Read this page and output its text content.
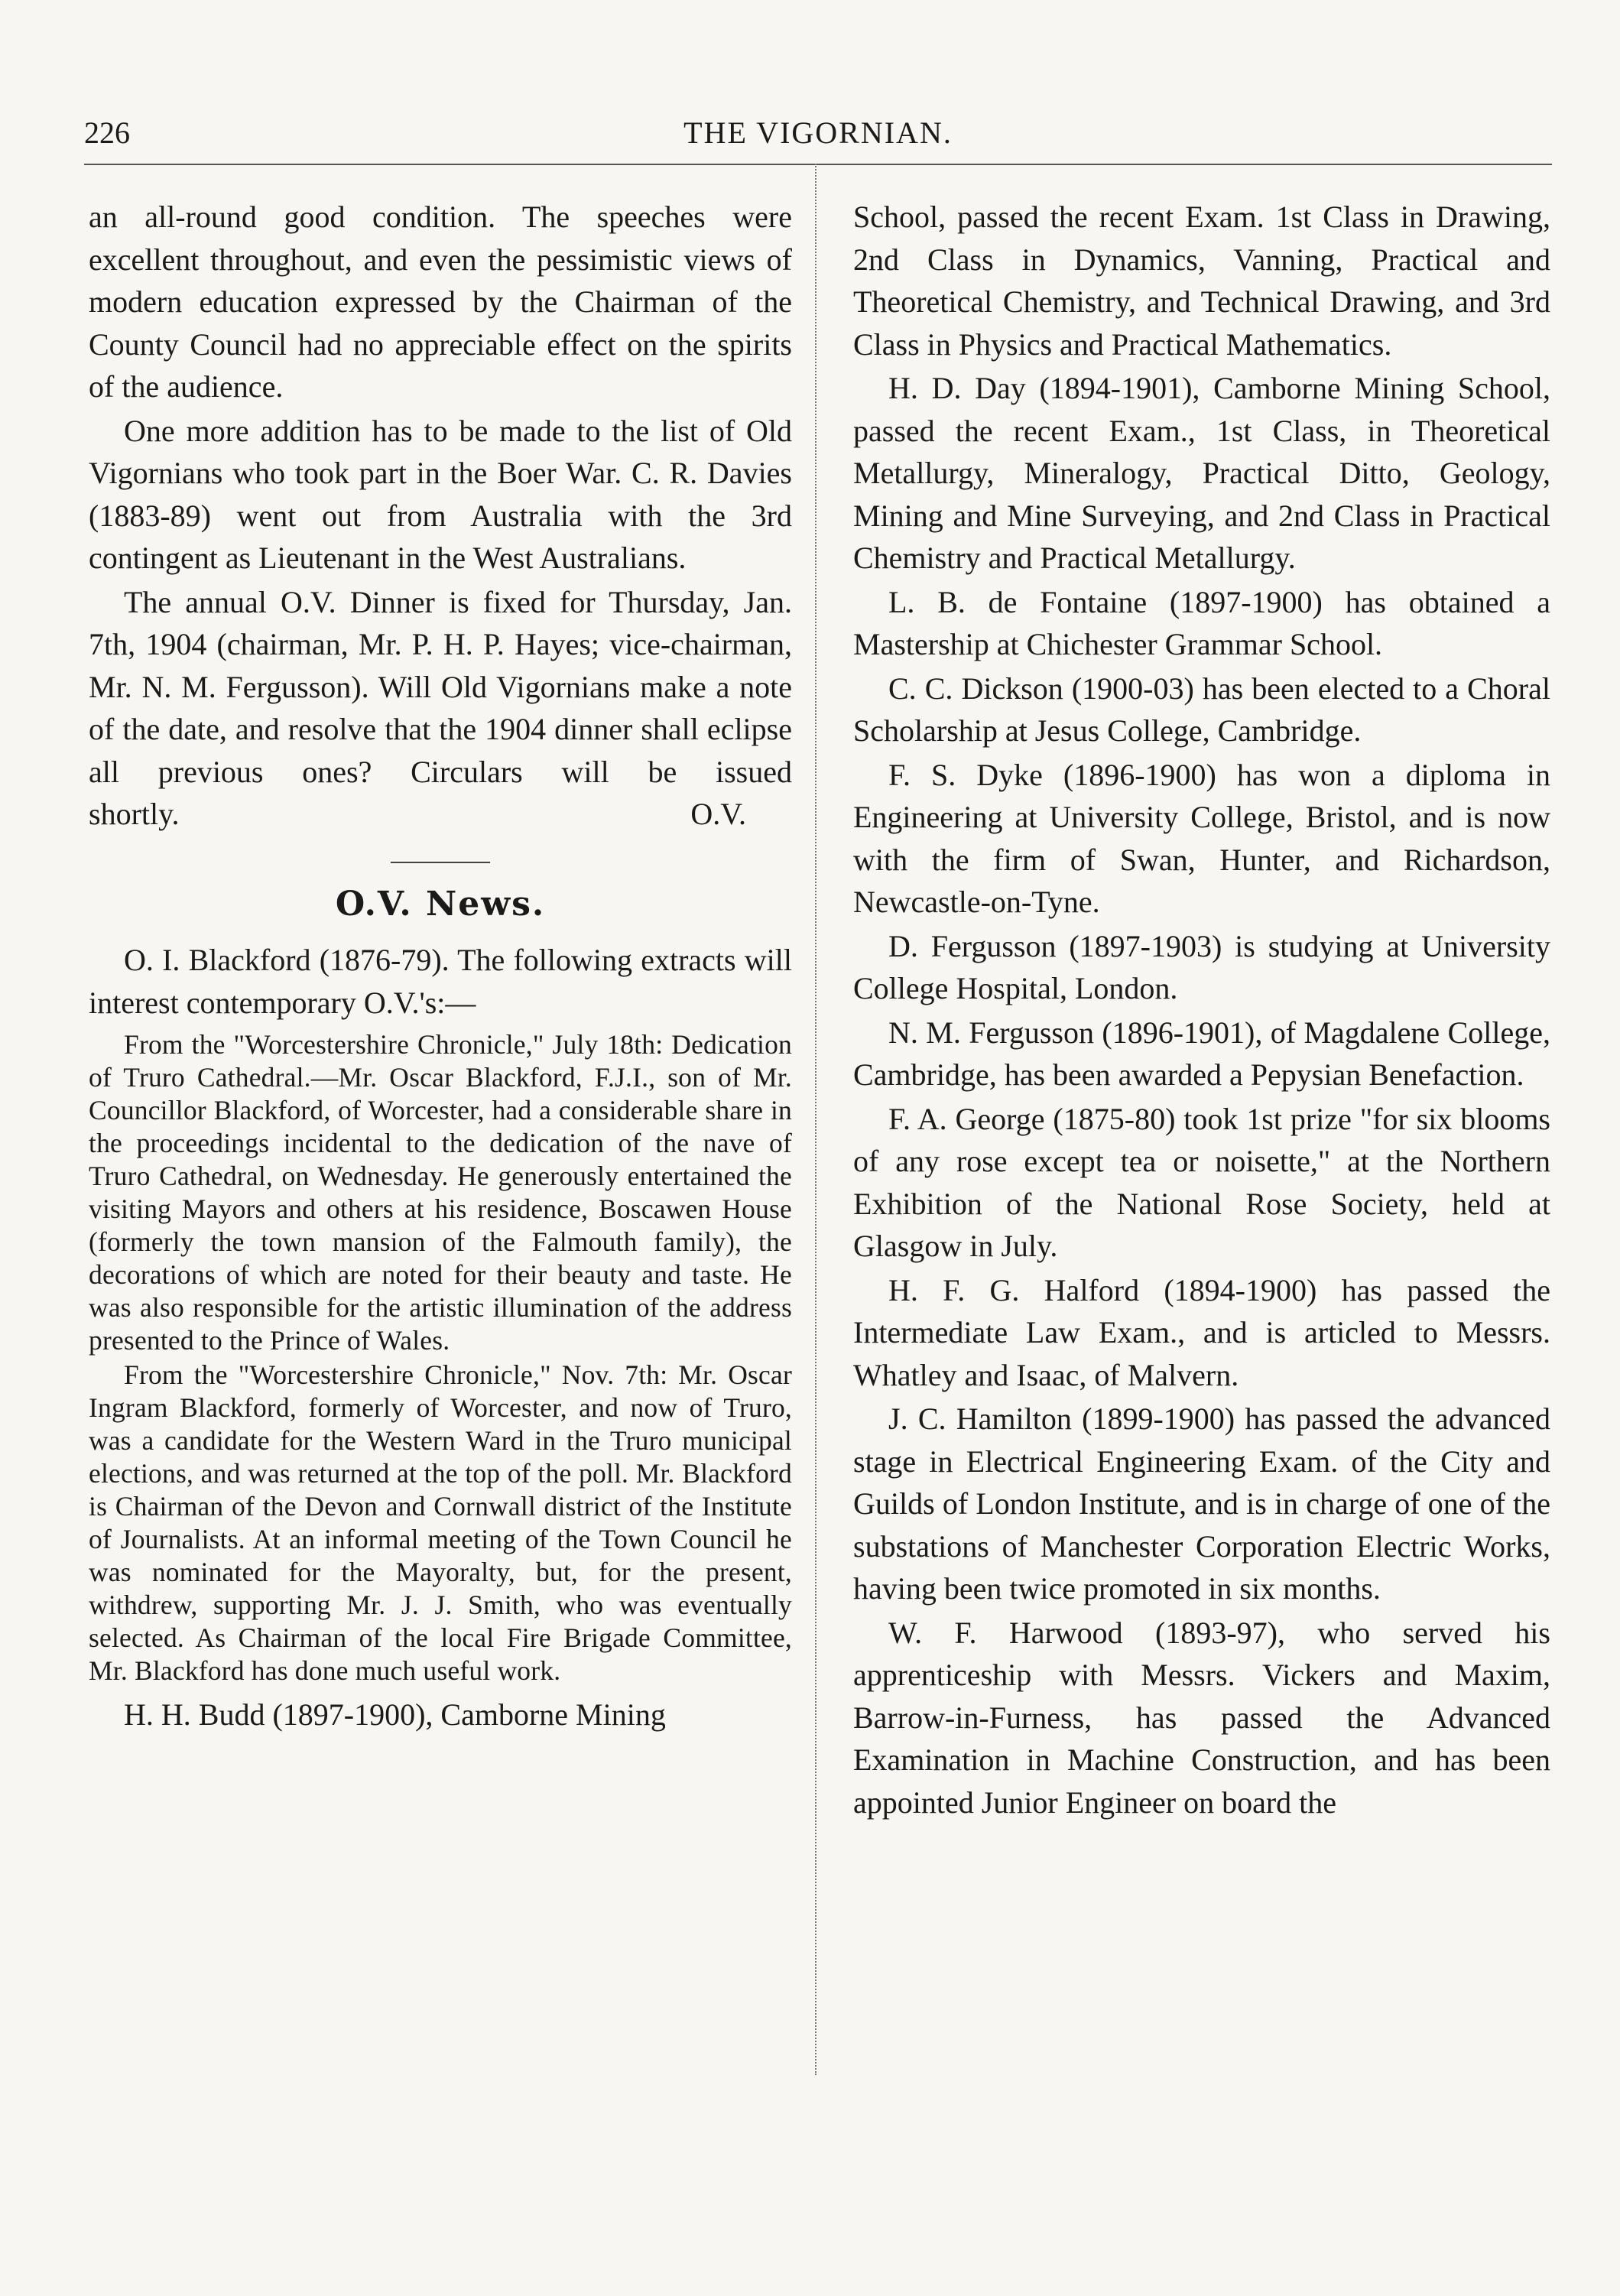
226	THE VIGORNIAN.

an all-round good condition. The speeches were excellent throughout, and even the pessimistic views of modern education expressed by the Chairman of the County Council had no appreciable effect on the spirits of the audience.

One more addition has to be made to the list of Old Vigornians who took part in the Boer War. C. R. Davies (1883-89) went out from Australia with the 3rd contingent as Lieutenant in the West Australians.

The annual O.V. Dinner is fixed for Thursday, Jan. 7th, 1904 (chairman, Mr. P. H. P. Hayes; vice-chairman, Mr. N. M. Fergusson). Will Old Vigornians make a note of the date, and resolve that the 1904 dinner shall eclipse all previous ones? Circulars will be issued

shortly.	O.V.
O.V. News.

O. I. Blackford (1876-79). The following extracts will interest contemporary O.V.'s:—

From the "Worcestershire Chronicle," July 18th: Dedication of Truro Cathedral.—Mr. Oscar Blackford, F.J.I., son of Mr. Councillor Blackford, of Worcester, had a considerable share in the proceedings incidental to the dedication of the nave of Truro Cathedral, on Wednesday. He generously entertained the visiting Mayors and others at his residence, Boscawen House (formerly the town mansion of the Falmouth family), the decorations of which are noted for their beauty and taste. He was also responsible for the artistic illumination of the address presented to the Prince of Wales.

From the "Worcestershire Chronicle," Nov. 7th: Mr. Oscar Ingram Blackford, formerly of Worcester, and now of Truro, was a candidate for the Western Ward in the Truro municipal elections, and was returned at the top of the poll. Mr. Blackford is Chairman of the Devon and Cornwall district of the Institute of Journalists. At an informal meeting of the Town Council he was nominated for the Mayoralty, but, for the present, withdrew, supporting Mr. J. J. Smith, who was eventually selected. As Chairman of the local Fire Brigade Committee, Mr. Blackford has done much useful work.

H. H. Budd (1897-1900), Camborne Mining

School, passed the recent Exam. 1st Class in Drawing, 2nd Class in Dynamics, Vanning, Practical and Theoretical Chemistry, and Technical Drawing, and 3rd Class in Physics and Practical Mathematics.

H. D. Day (1894-1901), Camborne Mining School, passed the recent Exam., 1st Class, in Theoretical Metallurgy, Mineralogy, Practical Ditto, Geology, Mining and Mine Surveying, and 2nd Class in Practical Chemistry and Practical Metallurgy.

L. B. de Fontaine (1897-1900) has obtained a Mastership at Chichester Grammar School.

C. C. Dickson (1900-03) has been elected to a Choral Scholarship at Jesus College, Cambridge.

F. S. Dyke (1896-1900) has won a diploma in Engineering at University College, Bristol, and is now with the firm of Swan, Hunter, and Richardson, Newcastle-on-Tyne.

D. Fergusson (1897-1903) is studying at University College Hospital, London.

N. M. Fergusson (1896-1901), of Magdalene College, Cambridge, has been awarded a Pepysian Benefaction.

F. A. George (1875-80) took 1st prize "for six blooms of any rose except tea or noisette," at the Northern Exhibition of the National Rose Society, held at Glasgow in July.

H. F. G. Halford (1894-1900) has passed the Intermediate Law Exam., and is articled to Messrs. Whatley and Isaac, of Malvern.

J. C. Hamilton (1899-1900) has passed the advanced stage in Electrical Engineering Exam. of the City and Guilds of London Institute, and is in charge of one of the substations of Manchester Corporation Electric Works, having been twice promoted in six months.

W. F. Harwood (1893-97), who served his apprenticeship with Messrs. Vickers and Maxim, Barrow-in-Furness, has passed the Advanced Examination in Machine Construction, and has been appointed Junior Engineer on board the
